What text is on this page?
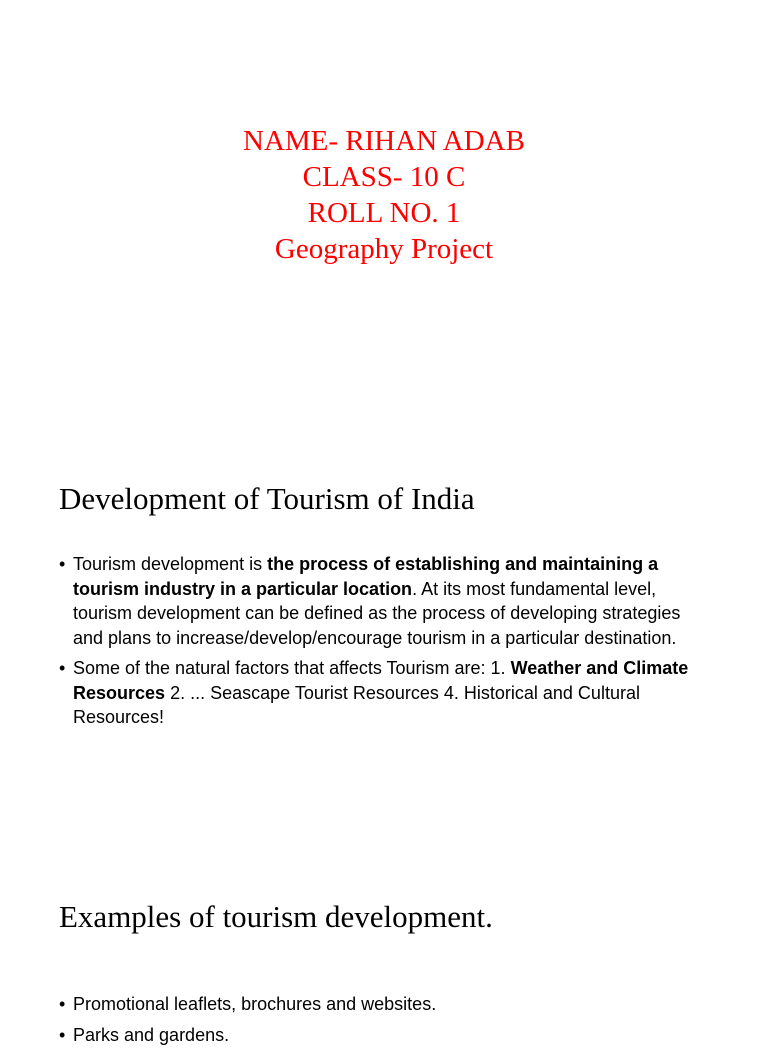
NAME- RIHAN ADAB
CLASS- 10 C
ROLL NO. 1
Geography Project
Development of Tourism of India
• Tourism development is the process of establishing and maintaining a tourism industry in a particular location. At its most fundamental level, tourism development can be defined as the process of developing strategies and plans to increase/develop/encourage tourism in a particular destination.
• Some of the natural factors that affects Tourism are: 1. Weather and Climate Resources 2. ... Seascape Tourist Resources 4. Historical and Cultural Resources!
Examples of tourism development.
• Promotional leaflets, brochures and websites.
• Parks and gardens.
